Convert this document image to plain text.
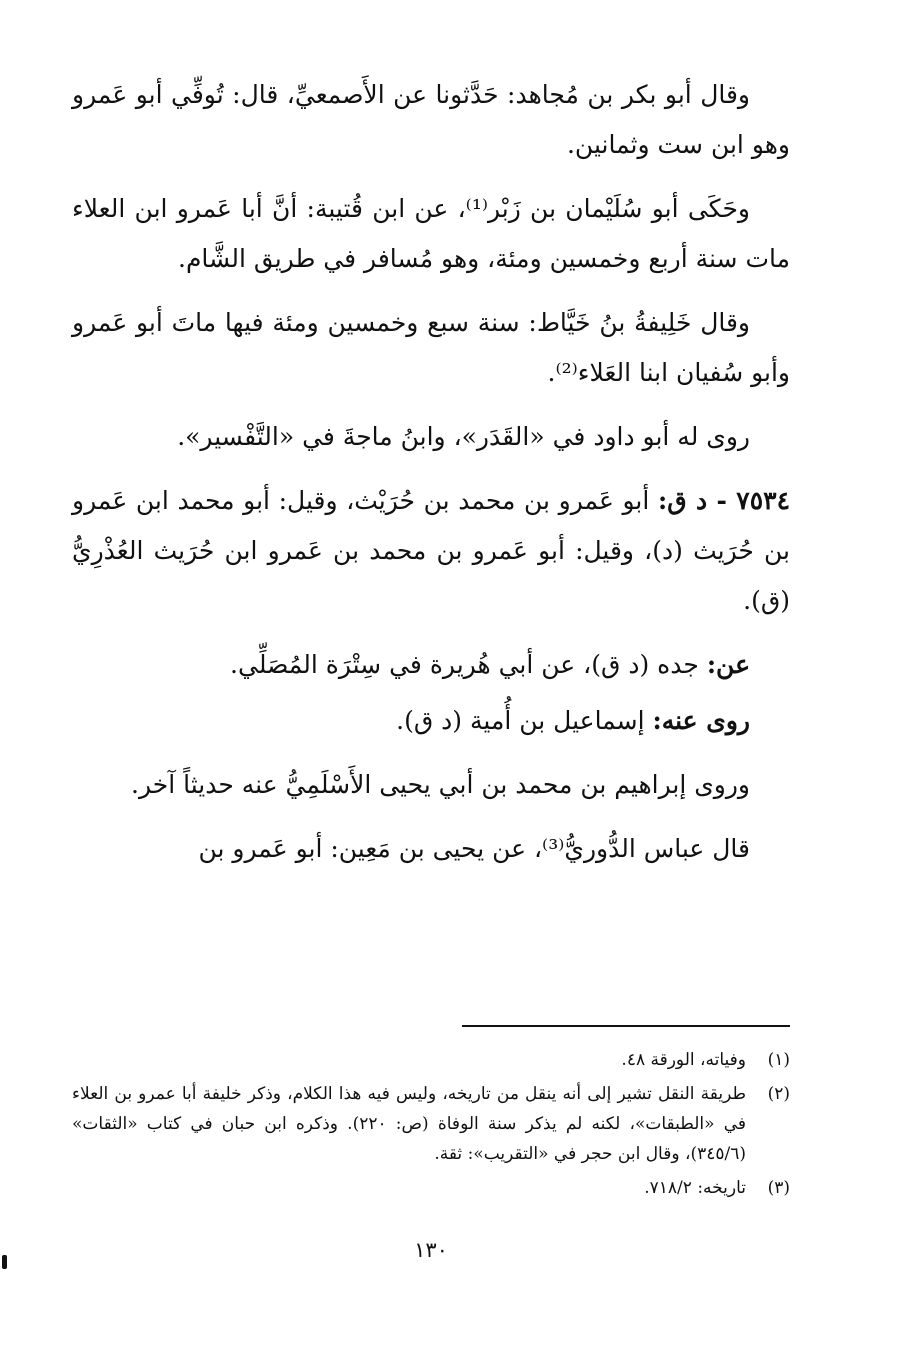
وقال أبو بكر بن مُجاهد: حَدَّثونا عن الأَصمعيِّ، قال: تُوفِّي أبو عَمرو وهو ابن ست وثمانين.

وحَكَى أبو سُلَيْمان بن زَبْر⁽¹⁾، عن ابن قُتيبة: أنَّ أبا عَمرو ابن العلاء مات سنة أربع وخمسين ومئة، وهو مُسافر في طريق الشَّام.

وقال خَلِيفةُ بنُ خَيَّاط: سنة سبع وخمسين ومئة فيها ماتَ أبو عَمرو وأبو سُفيان ابنا العَلاء⁽²⁾.

روى له أبو داود في «القَدَر»، وابنُ ماجةَ في «التَّفْسير».

٧٥٣٤ - د ق: أبو عَمرو بن محمد بن حُرَيْث، وقيل: أبو محمد ابن عَمرو بن حُرَيث (د)، وقيل: أبو عَمرو بن محمد بن عَمرو ابن حُرَيث العُذْرِيُّ (ق).

عن: جده (د ق)، عن أبي هُريرة في سِتْرَة المُصَلِّي.

روى عنه: إسماعيل بن أُمية (د ق).

وروى إبراهيم بن محمد بن أبي يحيى الأَسْلَمِيُّ عنه حديثاً آخر.

قال عباس الدُّوريُّ⁽³⁾، عن يحيى بن مَعِين: أبو عَمرو بن

(١)
وفياته، الورقة ٤٨.
(٢)
طريقة النقل تشير إلى أنه ينقل من تاريخه، وليس فيه هذا الكلام، وذكر خليفة أبا عمرو بن العلاء في «الطبقات»، لكنه لم يذكر سنة الوفاة (ص: ٢٢٠). وذكره ابن حبان في كتاب «الثقات» (٣٤٥/٦)، وقال ابن حجر في «التقريب»: ثقة.
(٣)
تاريخه: ٧١٨/٢.
١٣٠
